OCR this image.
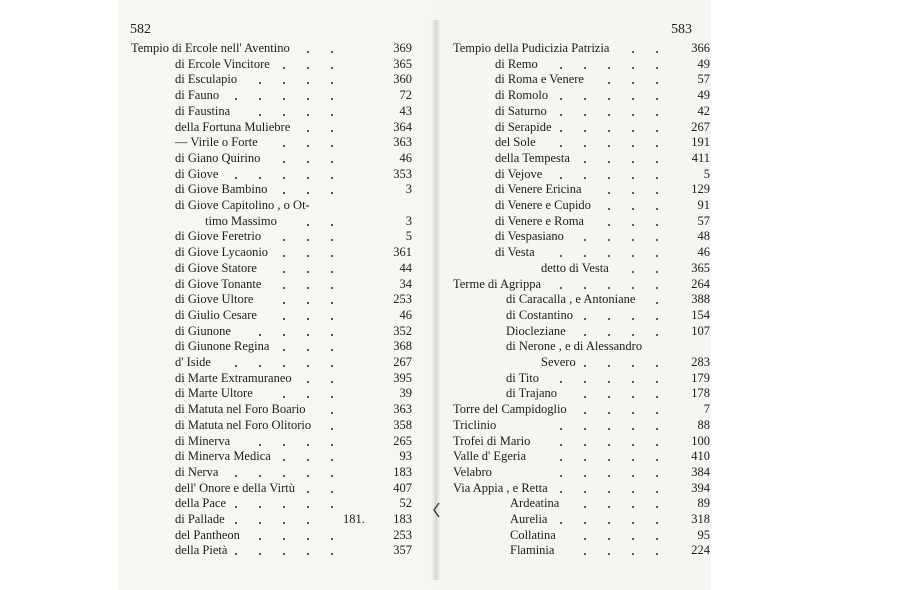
582	583
Tempio di Ercole nell' Aventino	369
di Ercole Vincitore	365
di Esculapio	360
di Fauno	72
di Faustina	43
della Fortuna Muliebre	364
— Virile o Forte	363
di Giano Quirino	46
di Giove	353
di Giove Bambino	3
di Giove Capitolino , o Ot-
timo Massimo	3
di Giove Feretrio	5
di Giove Lycaonio	361
di Giove Statore	44
di Giove Tonante	34
di Giove Ultore	253
di Giulio Cesare	46
di Giunone	352
di Giunone Regina	368
d' Iside	267
di Marte Extramuraneo	395
di Marte Ultore	39
di Matuta nel Foro Boario	363
di Matuta nel Foro Olitorio	358
di Minerva	265
di Minerva Medica	93
di Nerva	183
dell' Onore e della Virtù	407
della Pace	52
di Pallade	181.	183
del Pantheon	253
della Pietà	357
Tempio della Pudicizia Patrizia	366
di Remo	49
di Roma e Venere	57
di Romolo	49
di Saturno	42
di Serapide	267
del Sole	191
della Tempesta	411
di Vejove	5
di Venere Ericina	129
di Venere e Cupido	91
di Venere e Roma	57
di Vespasiano	48
di Vesta	46
detto di Vesta	365
Terme di Agrippa	264
di Caracalla , e Antoniane	388
di Costantino	154
Diocleziane	107
di Nerone , e di Alessandro
Severo	283
di Tito	179
di Trajano	178
Torre del Campidoglio	7
Triclinio	88
Trofei di Mario	100
Valle d' Egeria	410
Velabro	384
Via Appia , e Retta	394
Ardeatina	89
Aurelia	318
Collatina	95
Flaminia	224
